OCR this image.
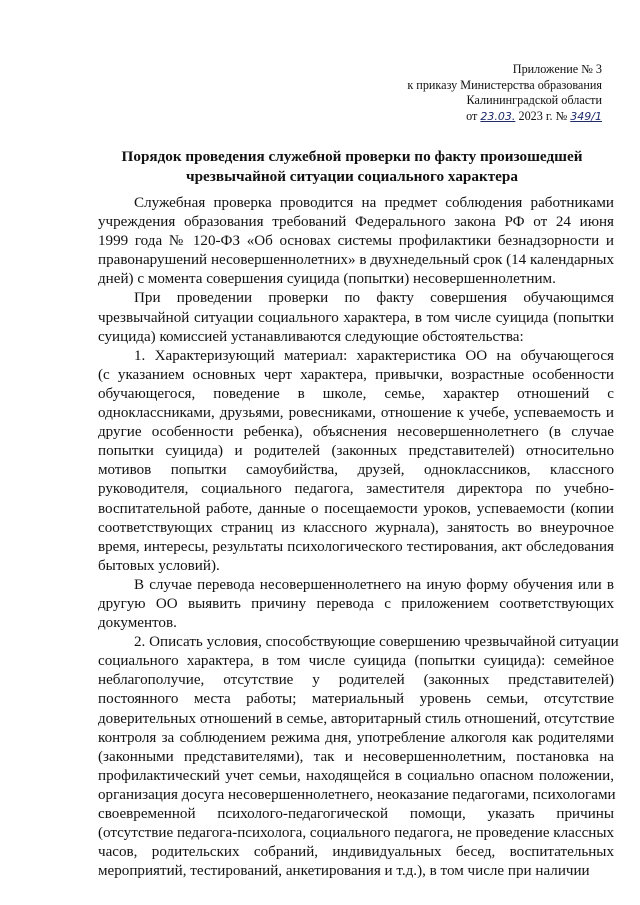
Приложение № 3
к приказу Министерства образования
Калининградской области
от 23.03. 2023 г. № 349/1
Порядок проведения служебной проверки по факту произошедшей
чрезвычайной ситуации социального характера
Служебная проверка проводится на предмет соблюдения работниками
учреждения образования требований Федерального закона РФ от 24 июня
1999 года № 120-ФЗ «Об основах системы профилактики безнадзорности и
правонарушений несовершеннолетних» в двухнедельный срок (14 календарных
дней) с момента совершения суицида (попытки) несовершеннолетним.
При проведении проверки по факту совершения обучающимся
чрезвычайной ситуации социального характера, в том числе суицида (попытки
суицида) комиссией устанавливаются следующие обстоятельства:
1. Характеризующий материал: характеристика ОО на обучающегося
(с указанием основных черт характера, привычки, возрастные особенности
обучающегося, поведение в школе, семье, характер отношений с
одноклассниками, друзьями, ровесниками, отношение к учебе, успеваемость и
другие особенности ребенка), объяснения несовершеннолетнего (в случае
попытки суицида) и родителей (законных представителей) относительно
мотивов попытки самоубийства, друзей, одноклассников, классного
руководителя, социального педагога, заместителя директора по учебно-
воспитательной работе, данные о посещаемости уроков, успеваемости (копии
соответствующих страниц из классного журнала), занятость во внеурочное
время, интересы, результаты психологического тестирования, акт обследования
бытовых условий).
В случае перевода несовершеннолетнего на иную форму обучения или в
другую ОО выявить причину перевода с приложением соответствующих
документов.
2. Описать условия, способствующие совершению чрезвычайной ситуации
социального характера, в том числе суицида (попытки суицида): семейное
неблагополучие, отсутствие у родителей (законных представителей)
постоянного места работы; материальный уровень семьи, отсутствие
доверительных отношений в семье, авторитарный стиль отношений, отсутствие
контроля за соблюдением режима дня, употребление алкоголя как родителями
(законными представителями), так и несовершеннолетним, постановка на
профилактический учет семьи, находящейся в социально опасном положении,
организация досуга несовершеннолетнего, неоказание педагогами, психологами
своевременной психолого-педагогической помощи, указать причины
(отсутствие педагога-психолога, социального педагога, не проведение классных
часов, родительских собраний, индивидуальных бесед, воспитательных
мероприятий, тестирований, анкетирования и т.д.), в том числе при наличии
